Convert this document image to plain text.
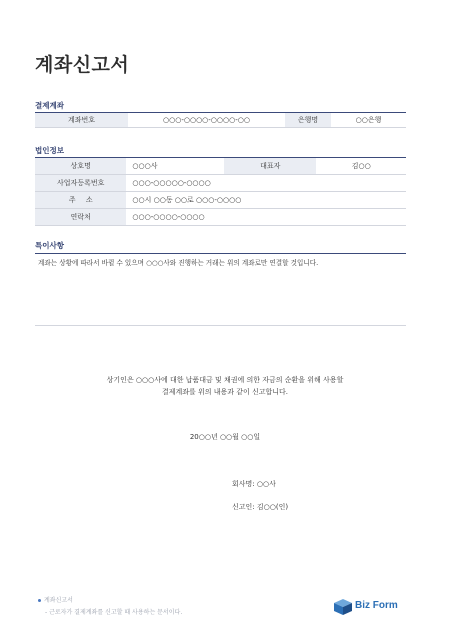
계좌신고서
결제계좌
계좌번호	○○○-○○○○-○○○○-○○	은행명	○○은행
법인정보
상호명	○○○사	대표자	김○○
사업자등록번호	○○○-○○○○○-○○○○		
주 소	○○시 ○○동 ○○로 ○○○-○○○○		
연락처	○○○-○○○○-○○○○		
특이사항
계좌는 상황에 따라서 바뀔 수 있으며 ○○○사와 진행하는 거래는 위의 계좌로만 연결할 것입니다.
상기인은 ○○○사에 대한 납품대금 및 채권에 의한 자금의 순환을 위해 사용할
결제계좌를 위의 내용과 같이 신고합니다.
20○○년 ○○월 ○○일
회사명: ○○사
신고인: 김○○(인)
계좌신고서
- 근로자가 결제계좌를 신고할 때 사용하는 문서이다.
Biz Form
